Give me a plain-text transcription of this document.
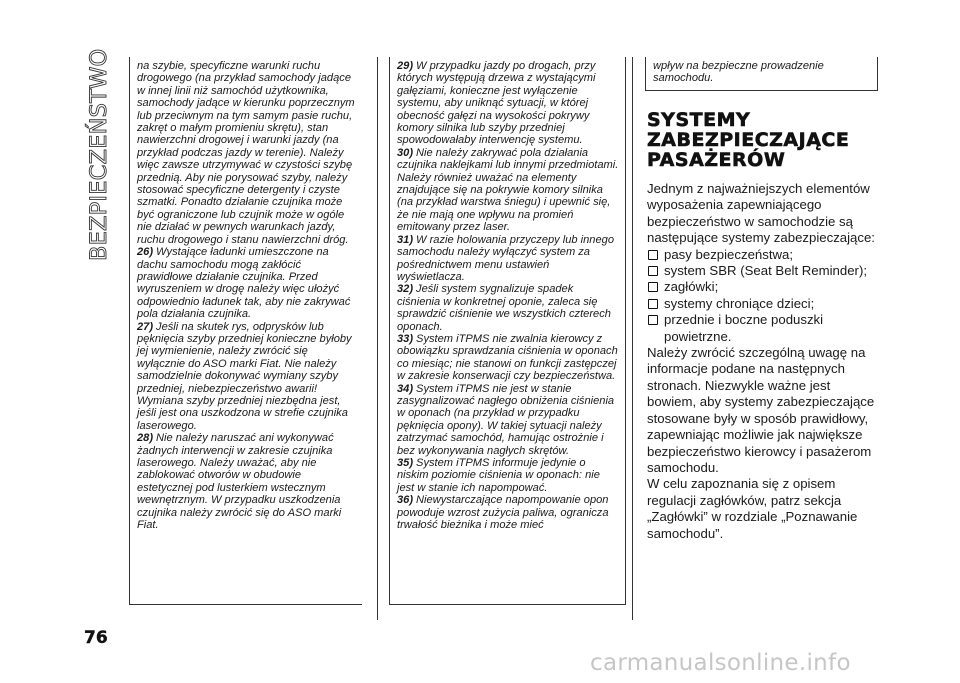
BEZPIECZEŃSTWO na szybie, specyficzne warunki ruchu drogowego (na przykład samochody jadące w innej linii niż samochód użytkownika, samochody jadące w kierunku poprzecznym lub przeciwnym na tym samym pasie ruchu, zakręt o małym promieniu skrętu), stan nawierzchni drogowej i warunki jazdy (na przykład podczas jazdy w terenie). Należy więc zawsze utrzymywać w czystości szybę przednią. Aby nie porysować szyby, należy stosować specyficzne detergenty i czyste szmatki. Ponadto działanie czujnika może być ograniczone lub czujnik może w ogóle nie działać w pewnych warunkach jazdy, ruchu drogowego i stanu nawierzchni dróg.

26) Wystające ładunki umieszczone na dachu samochodu mogą zakłócić prawidłowe działanie czujnika. Przed wyruszeniem w drogę należy więc ułożyć odpowiednio ładunek tak, aby nie zakrywać pola działania czujnika.

27) Jeśli na skutek rys, odprysków lub pęknięcia szyby przedniej konieczne byłoby jej wymienienie, należy zwrócić się wyłącznie do ASO marki Fiat. Nie należy samodzielnie dokonywać wymiany szyby przedniej, niebezpieczeństwo awarii! Wymiana szyby przedniej niezbędna jest, jeśli jest ona uszkodzona w strefie czujnika laserowego.

28) Nie należy naruszać ani wykonywać żadnych interwencji w zakresie czujnika laserowego. Należy uważać, aby nie zablokować otworów w obudowie estetycznej pod lusterkiem wstecznym wewnętrznym. W przypadku uszkodzenia czujnika należy zwrócić się do ASO marki Fiat.

29) W przypadku jazdy po drogach, przy których występują drzewa z wystającymi gałęziami, konieczne jest wyłączenie systemu, aby uniknąć sytuacji, w której obecność gałęzi na wysokości pokrywy komory silnika lub szyby przedniej spowodowałaby interwencję systemu.

30) Nie należy zakrywać pola działania czujnika naklejkami lub innymi przedmiotami. Należy również uważać na elementy znajdujące się na pokrywie komory silnika (na przykład warstwa śniegu) i upewnić się, że nie mają one wpływu na promień emitowany przez laser.

31) W razie holowania przyczepy lub innego samochodu należy wyłączyć system za pośrednictwem menu ustawień wyświetlacza.

32) Jeśli system sygnalizuje spadek ciśnienia w konkretnej oponie, zaleca się sprawdzić ciśnienie we wszystkich czterech oponach.

33) System iTPMS nie zwalnia kierowcy z obowiązku sprawdzania ciśnienia w oponach co miesiąc; nie stanowi on funkcji zastępczej w zakresie konserwacji czy bezpieczeństwa.

34) System iTPMS nie jest w stanie zasygnalizować nagłego obniżenia ciśnienia w oponach (na przykład w przypadku pęknięcia opony). W takiej sytuacji należy zatrzymać samochód, hamując ostrożnie i bez wykonywania nagłych skrętów.

35) System iTPMS informuje jedynie o niskim poziomie ciśnienia w oponach: nie jest w stanie ich napompować.

36) Niewystarczające napompowanie opon powoduje wzrost zużycia paliwa, ogranicza trwałość bieżnika i może mieć

wpływ na bezpieczne prowadzenie samochodu.

SYSTEMY
ZABEZPIECZAJĄCE
PASAŻERÓW

Jednym z najważniejszych elementów wyposażenia zapewniającego bezpieczeństwo w samochodzie są następujące systemy zabezpieczające:

pasy bezpieczeństwa;
system SBR (Seat Belt Reminder);
zagłówki;
systemy chroniące dzieci;
przednie i boczne poduszki powietrzne.

Należy zwrócić szczególną uwagę na informacje podane na następnych stronach. Niezwykle ważne jest bowiem, aby systemy zabezpieczające stosowane były w sposób prawidłowy, zapewniając możliwie jak największe bezpieczeństwo kierowcy i pasażerom samochodu.

W celu zapoznania się z opisem regulacji zagłówków, patrz sekcja „Zagłówki” w rozdziale „Poznawanie samochodu”.

76
carmanualsonline.info
